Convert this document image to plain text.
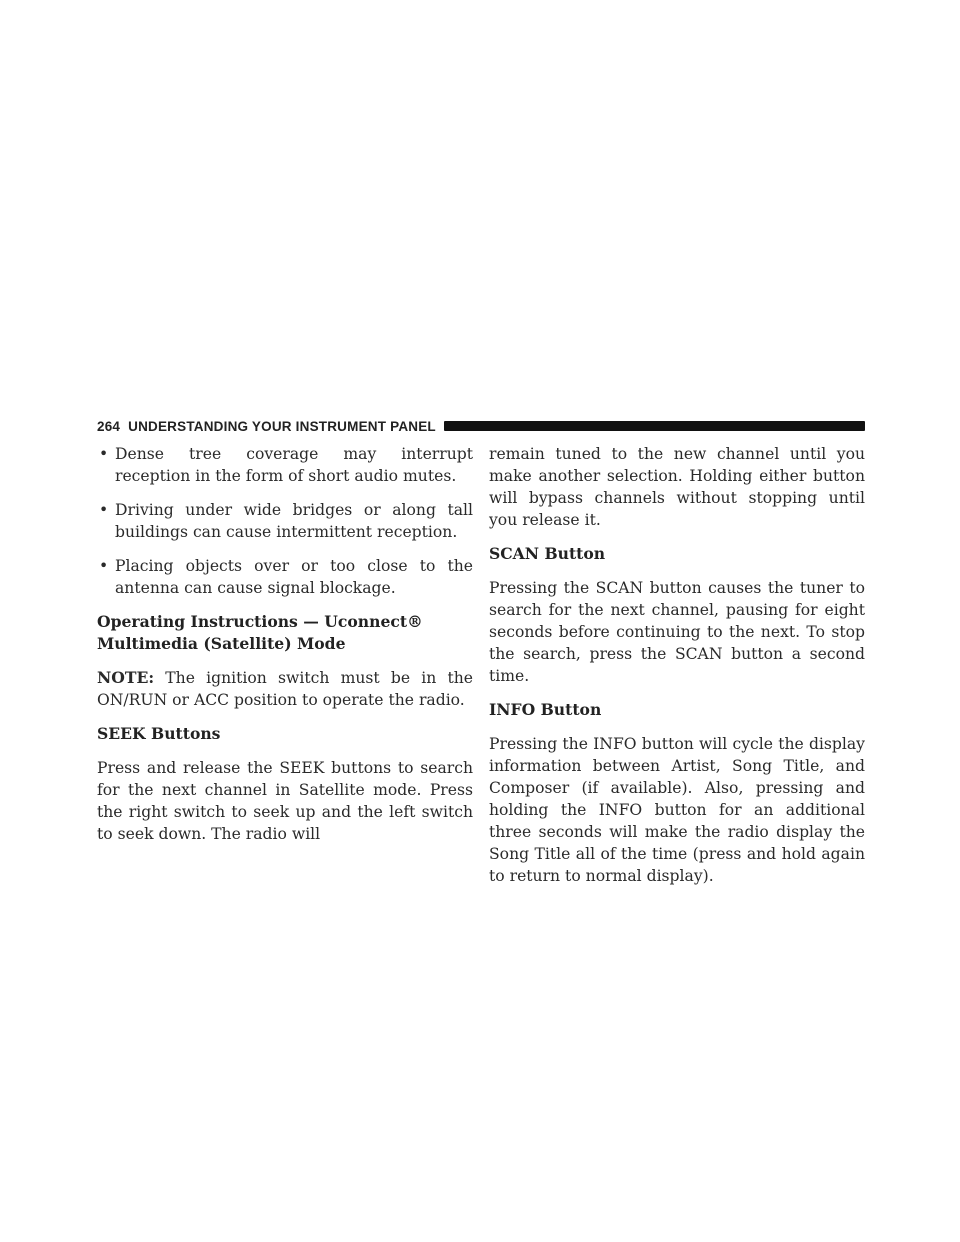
264 UNDERSTANDING YOUR INSTRUMENT PANEL
• Dense tree coverage may interrupt reception in the form of short audio mutes.
• Driving under wide bridges or along tall buildings can cause intermittent reception.
• Placing objects over or too close to the antenna can cause signal blockage.
Operating Instructions — Uconnect® Multimedia (Satellite) Mode

NOTE: The ignition switch must be in the ON/RUN or ACC position to operate the radio.

SEEK Buttons

Press and release the SEEK buttons to search for the next channel in Satellite mode. Press the right switch to seek up and the left switch to seek down. The radio will

remain tuned to the new channel until you make another selection. Holding either button will bypass channels without stopping until you release it.

SCAN Button

Pressing the SCAN button causes the tuner to search for the next channel, pausing for eight seconds before continuing to the next. To stop the search, press the SCAN button a second time.

INFO Button

Pressing the INFO button will cycle the display information between Artist, Song Title, and Composer (if available). Also, pressing and holding the INFO button for an additional three seconds will make the radio display the Song Title all of the time (press and hold again to return to normal display).
